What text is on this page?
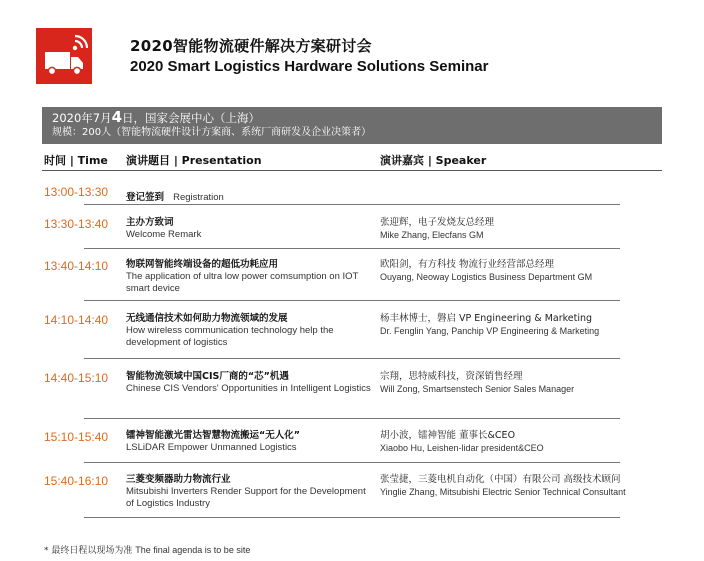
2020智能物流硬件解决方案研讨会
2020 Smart Logistics Hardware Solutions Seminar
2020年7月4日，国家会展中心（上海）
规模：200人（智能物流硬件设计方案商、系统厂商研发及企业决策者）
时间 | Time 演讲题目 | Presentation	演讲嘉宾 | Speaker
13:00-13:30 登记签到 Registration
13:30-13:40 主办方致词
Welcome Remark
张迎辉，电子发烧友总经理
Mike Zhang, Elecfans GM
13:40-14:10 物联网智能终端设备的超低功耗应用
The application of ultra low power comsumption on IOT smart device
欧阳剑，有方科技 物流行业经营部总经理
Ouyang, Neoway Logistics Business Department GM
14:10-14:40 无线通信技术如何助力物流领域的发展
How wireless communication technology help the development of logistics
杨丰林博士，磐启 VP Engineering & Marketing
Dr. Fenglin Yang, Panchip VP Engineering & Marketing
14:40-15:10 智能物流领域中国CIS厂商的“芯”机遇
Chinese CIS Vendors' Opportunities in Intelligent Logistics
宗翔，思特威科技，资深销售经理
Will Zong, Smartsenstech Senior Sales Manager
15:10-15:40 镭神智能激光雷达智慧物流搬运“无人化”
LSLiDAR Empower Unmanned Logistics
胡小波，镭神智能 董事长&CEO
Xiaobo Hu, Leishen-lidar president&CEO
15:40-16:10 三菱变频器助力物流行业
Mitsubishi Inverters Render Support for the Development of Logistics Industry
张莹捷，三菱电机自动化（中国）有限公司 高级技术顾问
Yinglie Zhang, Mitsubishi Electric Senior Technical Consultant
* 最终日程以现场为准 The final agenda is to be site
